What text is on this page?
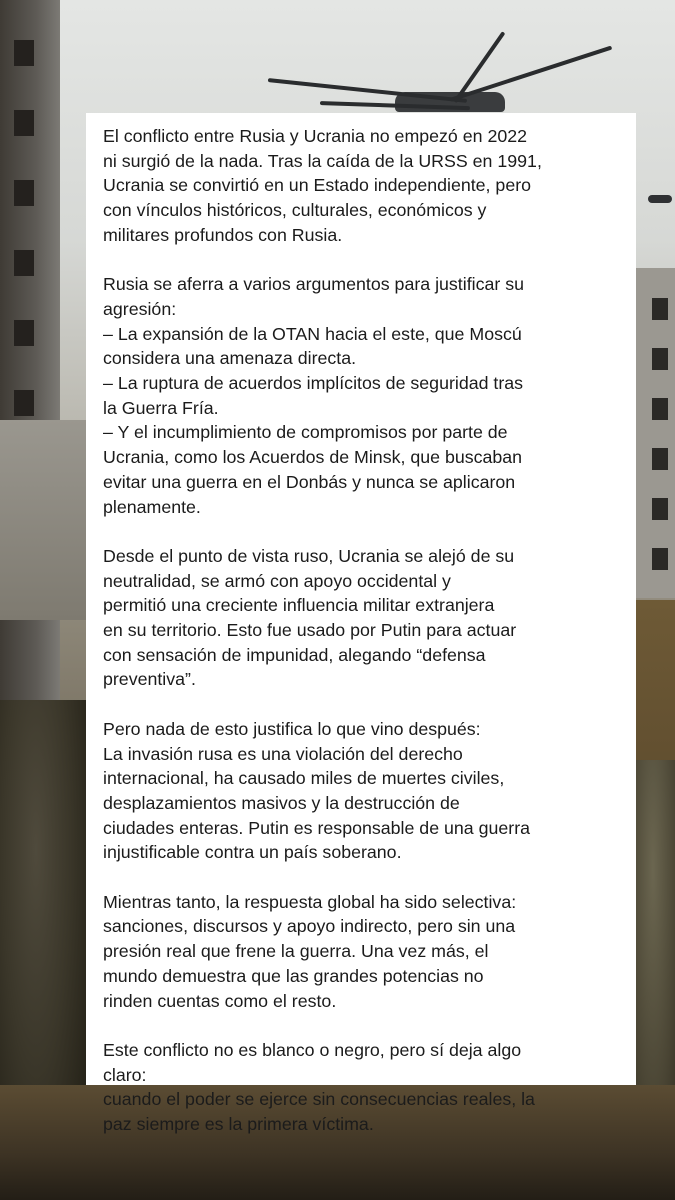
El conflicto entre Rusia y Ucrania no empezó en 2022
ni surgió de la nada. Tras la caída de la URSS en 1991,
Ucrania se convirtió en un Estado independiente, pero
con vínculos históricos, culturales, económicos y
militares profundos con Rusia.

Rusia se aferra a varios argumentos para justificar su
agresión:
– La expansión de la OTAN hacia el este, que Moscú
considera una amenaza directa.
– La ruptura de acuerdos implícitos de seguridad tras
la Guerra Fría.
– Y el incumplimiento de compromisos por parte de
Ucrania, como los Acuerdos de Minsk, que buscaban
evitar una guerra en el Donbás y nunca se aplicaron
plenamente.

Desde el punto de vista ruso, Ucrania se alejó de su
neutralidad, se armó con apoyo occidental y
permitió una creciente influencia militar extranjera
en su territorio. Esto fue usado por Putin para actuar
con sensación de impunidad, alegando “defensa
preventiva”.

Pero nada de esto justifica lo que vino después:
La invasión rusa es una violación del derecho
internacional, ha causado miles de muertes civiles,
desplazamientos masivos y la destrucción de
ciudades enteras. Putin es responsable de una guerra
injustificable contra un país soberano.

Mientras tanto, la respuesta global ha sido selectiva:
sanciones, discursos y apoyo indirecto, pero sin una
presión real que frene la guerra. Una vez más, el
mundo demuestra que las grandes potencias no
rinden cuentas como el resto.

Este conflicto no es blanco o negro, pero sí deja algo
claro:
cuando el poder se ejerce sin consecuencias reales, la
paz siempre es la primera víctima.
